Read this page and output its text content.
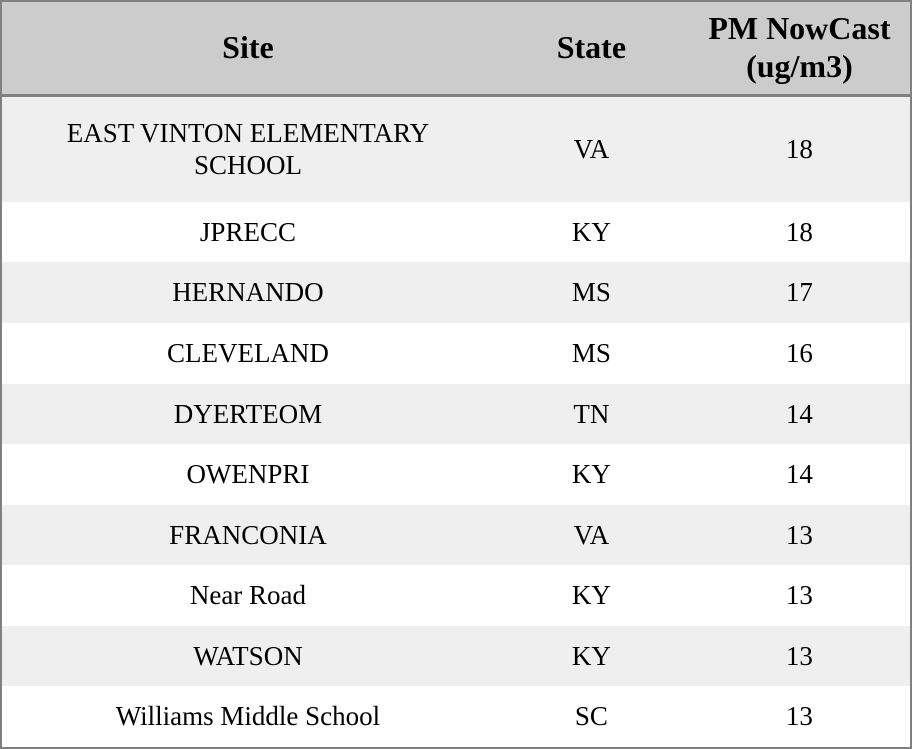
Site	State	PM NowCast (ug/m3)
EAST VINTON ELEMENTARY SCHOOL	VA	18
JPRECC	KY	18
HERNANDO	MS	17
CLEVELAND	MS	16
DYERTEOM	TN	14
OWENPRI	KY	14
FRANCONIA	VA	13
Near Road	KY	13
WATSON	KY	13
Williams Middle School	SC	13
